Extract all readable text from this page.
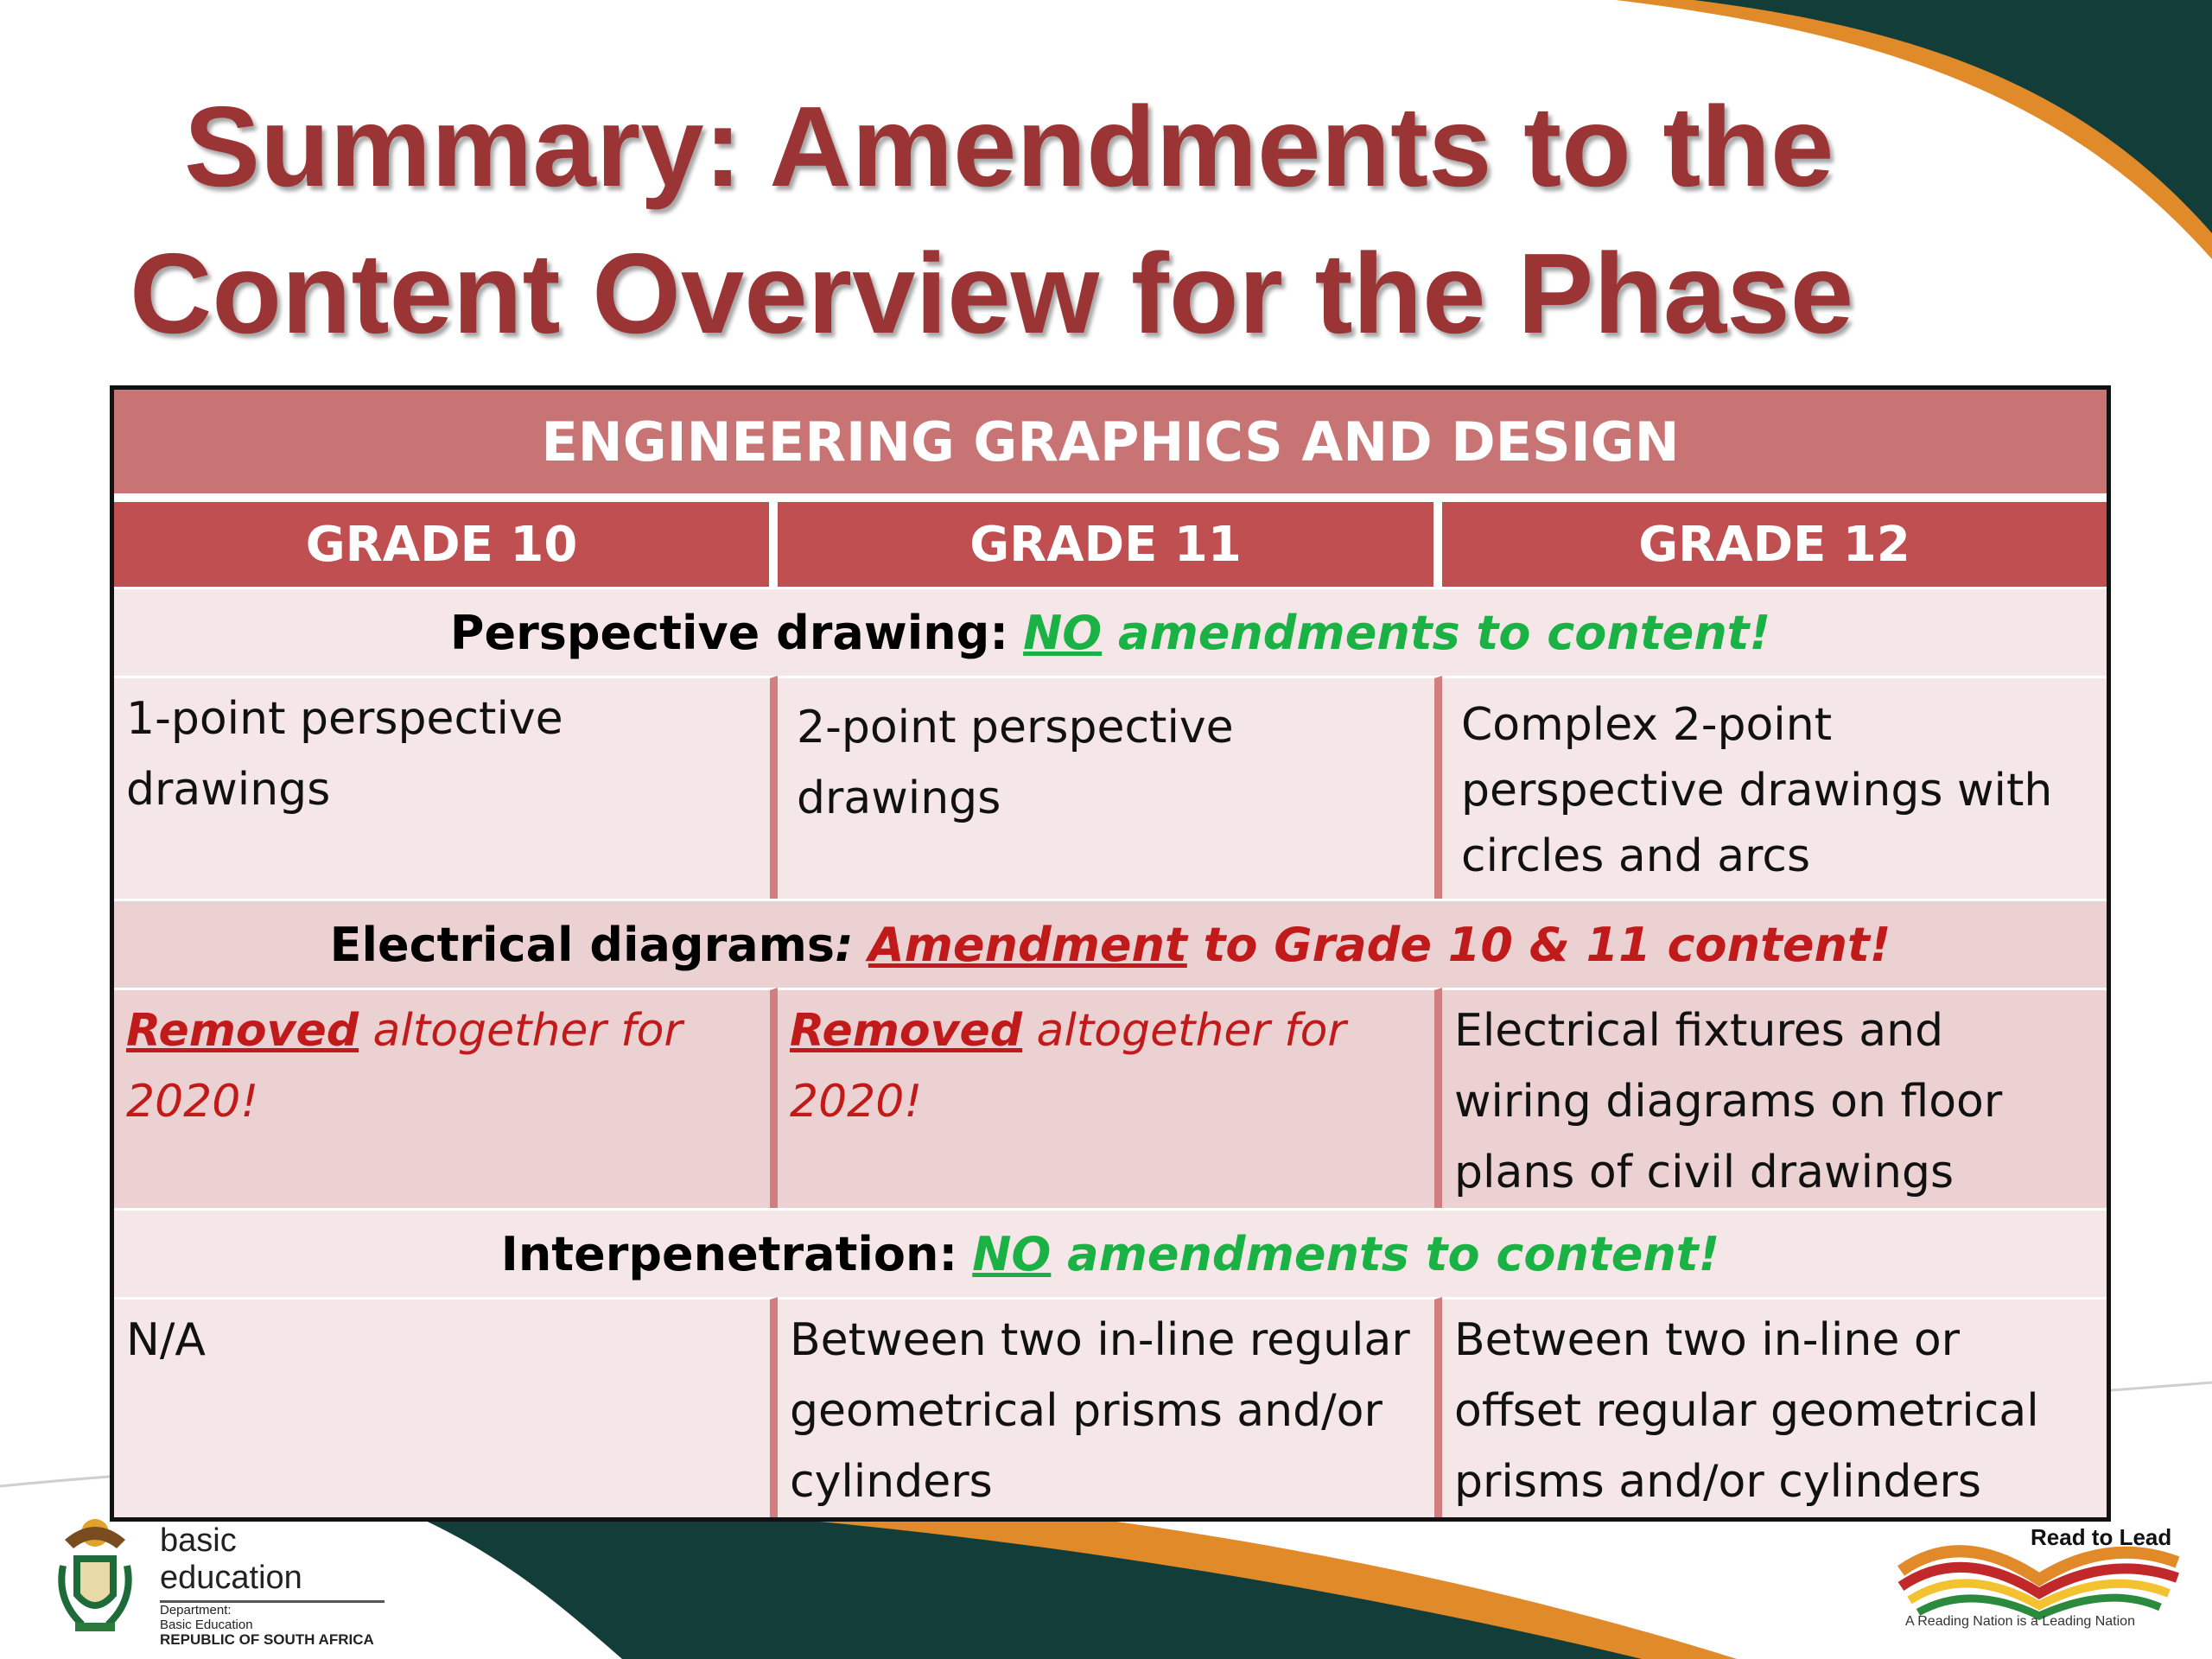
Summary: Amendments to the
Content Overview for the Phase
ENGINEERING GRAPHICS AND DESIGN		
GRADE 10	GRADE 11	GRADE 12
Perspective drawing: NO amendments to content!		
1-point perspective drawings	2-point perspective drawings	Complex 2-point perspective drawings with circles and arcs
Electrical diagrams: Amendment to Grade 10 & 11 content!		
Removed altogether for 2020!	Removed altogether for 2020!	Electrical fixtures and wiring diagrams on floor plans of civil drawings
Interpenetration: NO amendments to content!		
N/A	Between two in-line regular geometrical prisms and/or cylinders	Between two in-line or offset regular geometrical prisms and/or cylinders
basic education
Department:
Basic Education
REPUBLIC OF SOUTH AFRICA
Read to Lead
A Reading Nation is a Leading Nation
